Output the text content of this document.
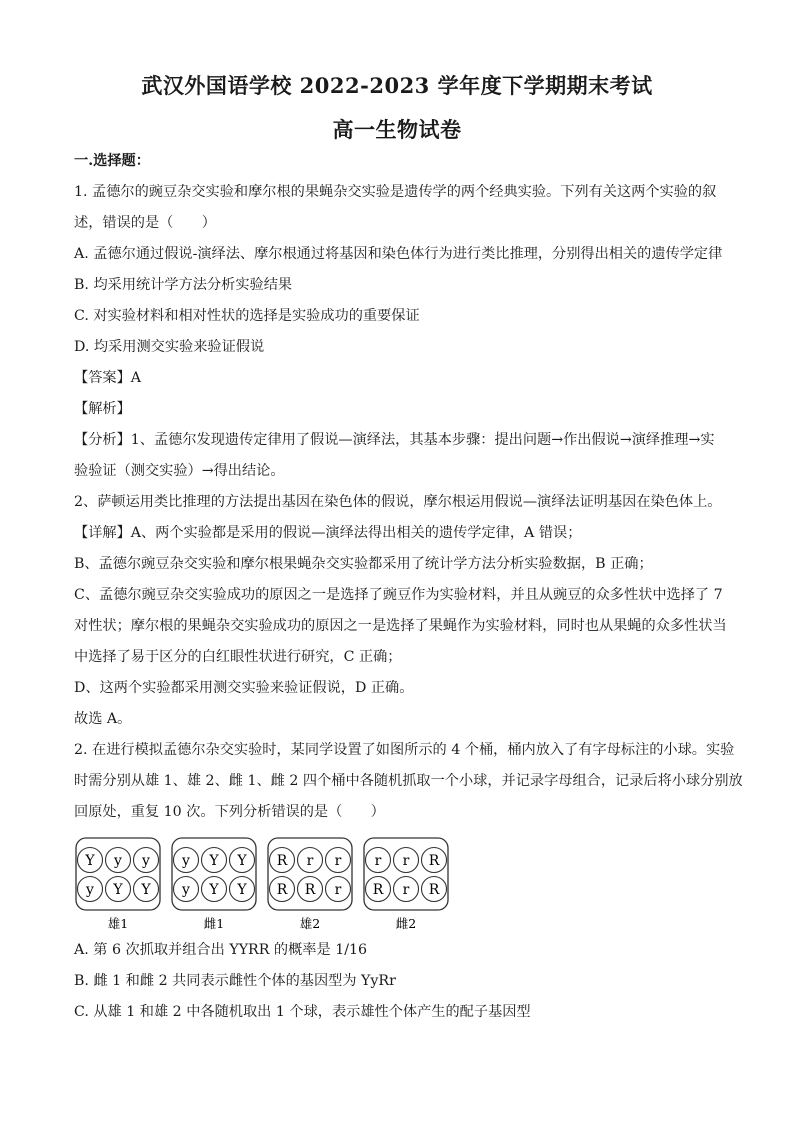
武汉外国语学校 2022-2023 学年度下学期期末考试
高一生物试卷
一.选择题：
1. 孟德尔的豌豆杂交实验和摩尔根的果蝇杂交实验是遗传学的两个经典实验。下列有关这两个实验的叙
述，错误的是（　　）
A. 孟德尔通过假说-演绎法、摩尔根通过将基因和染色体行为进行类比推理，分别得出相关的遗传学定律
B. 均采用统计学方法分析实验结果
C. 对实验材料和相对性状的选择是实验成功的重要保证
D. 均采用测交实验来验证假说
【答案】A
【解析】
【分析】1、孟德尔发现遗传定律用了假说—演绎法，其基本步骤：提出问题→作出假说→演绎推理→实
验验证（测交实验）→得出结论。
2、萨顿运用类比推理的方法提出基因在染色体的假说，摩尔根运用假说—演绎法证明基因在染色体上。
【详解】A、两个实验都是采用的假说—演绎法得出相关的遗传学定律，A 错误；
B、孟德尔豌豆杂交实验和摩尔根果蝇杂交实验都采用了统计学方法分析实验数据，B 正确；
C、孟德尔豌豆杂交实验成功的原因之一是选择了豌豆作为实验材料，并且从豌豆的众多性状中选择了 7
对性状；摩尔根的果蝇杂交实验成功的原因之一是选择了果蝇作为实验材料，同时也从果蝇的众多性状当
中选择了易于区分的白红眼性状进行研究，C 正确；
D、这两个实验都采用测交实验来验证假说，D 正确。
故选 A。
2. 在进行模拟孟德尔杂交实验时，某同学设置了如图所示的 4 个桶，桶内放入了有字母标注的小球。实验
时需分别从雄 1、雄 2、雌 1、雌 2 四个桶中各随机抓取一个小球，并记录字母组合，记录后将小球分别放
回原处，重复 10 次。下列分析错误的是（　　）
Y y y
y Y Y
雄1
y Y Y
y Y Y
雌1
R r r
R R r
雄2
r r R
R r R
雌2
A. 第 6 次抓取并组合出 YYRR 的概率是 1/16
B. 雌 1 和雌 2 共同表示雌性个体的基因型为 YyRr
C. 从雄 1 和雄 2 中各随机取出 1 个球，表示雄性个体产生的配子基因型
